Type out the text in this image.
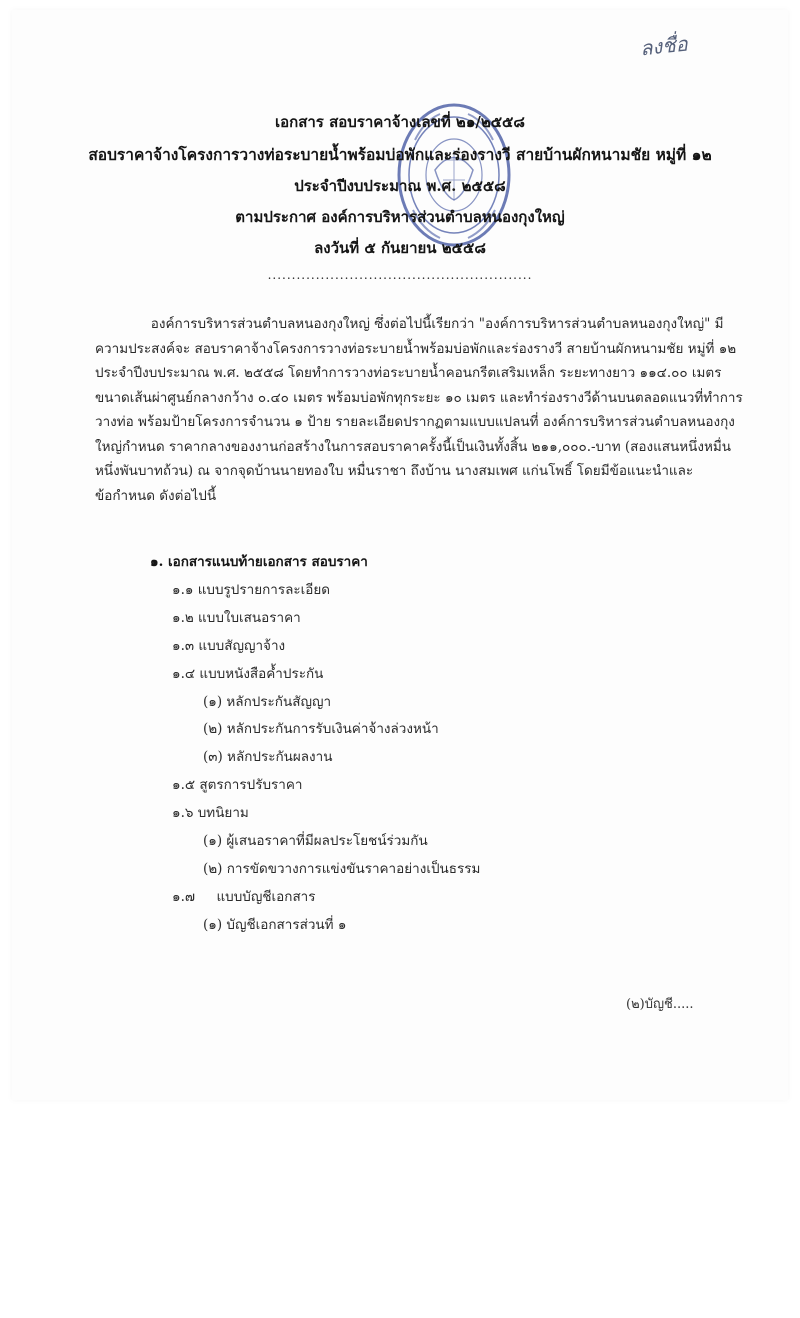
ลงชื่อ
เอกสาร สอบราคาจ้างเลขที่ ๒๑/๒๕๕๘
สอบราคาจ้างโครงการวางท่อระบายน้ำพร้อมบ่อพักและร่องรางวี สายบ้านผักหนามชัย หมู่ที่ ๑๒
ประจำปีงบประมาณ พ.ศ. ๒๕๕๘
ตามประกาศ องค์การบริหารส่วนตำบลหนองกุงใหญ่
ลงวันที่ ๕ กันยายน ๒๕๕๘
.......................................................
องค์การบริหารส่วนตำบลหนองกุงใหญ่ ซึ่งต่อไปนี้เรียกว่า "องค์การบริหารส่วนตำบลหนองกุงใหญ่" มี
ความประสงค์จะ สอบราคาจ้างโครงการวางท่อระบายน้ำพร้อมบ่อพักและร่องรางวี สายบ้านผักหนามชัย หมู่ที่ ๑๒
ประจำปีงบประมาณ พ.ศ. ๒๕๕๘ โดยทำการวางท่อระบายน้ำคอนกรีตเสริมเหล็ก ระยะทางยาว ๑๑๔.๐๐ เมตร
ขนาดเส้นผ่าศูนย์กลางกว้าง ๐.๔๐ เมตร พร้อมบ่อพักทุกระยะ ๑๐ เมตร และทำร่องรางวีด้านบนตลอดแนวที่ทำการ
วางท่อ พร้อมป้ายโครงการจำนวน ๑ ป้าย รายละเอียดปรากฏตามแบบแปลนที่ องค์การบริหารส่วนตำบลหนองกุง
ใหญ่กำหนด ราคากลางของงานก่อสร้างในการสอบราคาครั้งนี้เป็นเงินทั้งสิ้น ๒๑๑,๐๐๐.-บาท (สองแสนหนึ่งหมื่น
หนึ่งพันบาทถ้วน) ณ จากจุดบ้านนายทองใบ หมื่นราชา ถึงบ้าน นางสมเพศ แก่นโพธิ์ โดยมีข้อแนะนำและ
ข้อกำหนด ดังต่อไปนี้
๑. เอกสารแนบท้ายเอกสาร สอบราคา
๑.๑ แบบรูปรายการละเอียด
๑.๒ แบบใบเสนอราคา
๑.๓ แบบสัญญาจ้าง
๑.๔ แบบหนังสือค้ำประกัน
(๑) หลักประกันสัญญา
(๒) หลักประกันการรับเงินค่าจ้างล่วงหน้า
(๓) หลักประกันผลงาน
๑.๕ สูตรการปรับราคา
๑.๖ บทนิยาม
(๑) ผู้เสนอราคาที่มีผลประโยชน์ร่วมกัน
(๒) การขัดขวางการแข่งขันราคาอย่างเป็นธรรม
๑.๗     แบบบัญชีเอกสาร
(๑) บัญชีเอกสารส่วนที่ ๑
(๒)บัญชี.....
